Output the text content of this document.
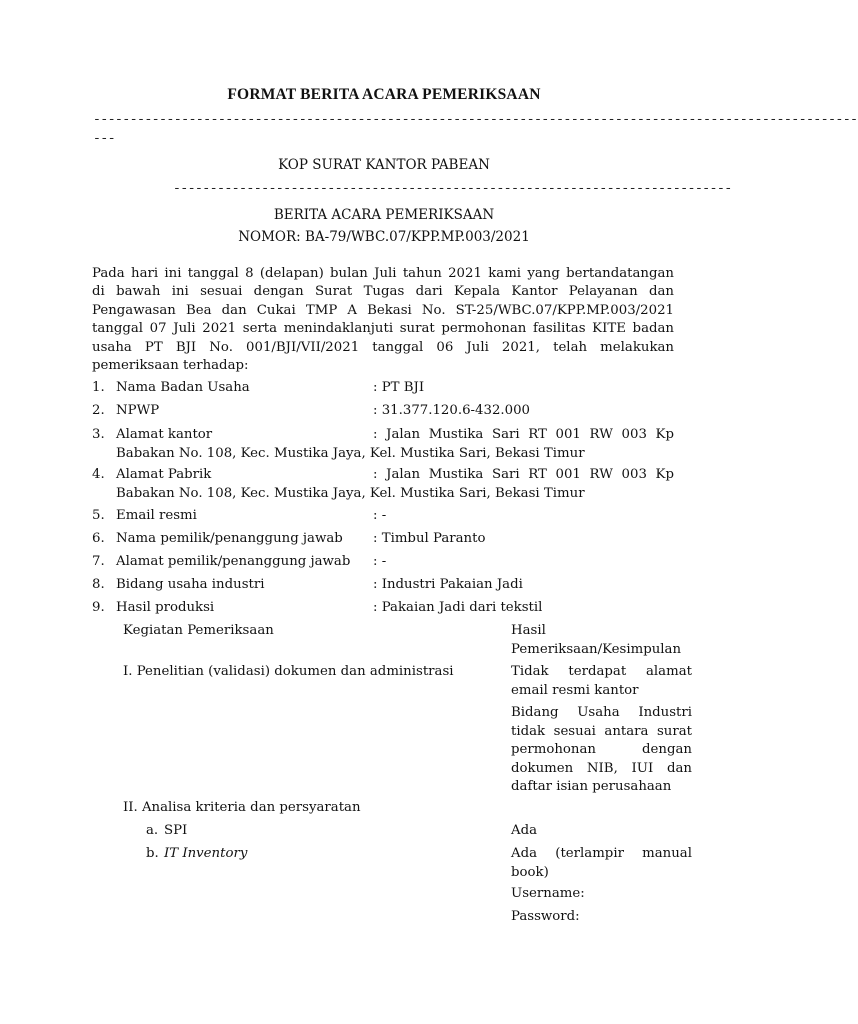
FORMAT BERITA ACARA PEMERIKSAAN
--------------------------------------------------------------------------------------------------------
---
KOP SURAT KANTOR PABEAN
----------------------------------------------------------------------------
BERITA ACARA PEMERIKSAAN
NOMOR: BA-79/WBC.07/KPP.MP.003/2021
Pada hari ini tanggal 8 (delapan) bulan Juli tahun 2021 kami yang bertandatangan
di bawah ini sesuai dengan Surat Tugas dari Kepala Kantor Pelayanan dan
Pengawasan Bea dan Cukai TMP A Bekasi No. ST-25/WBC.07/KPP.MP.003/2021
tanggal 07 Juli 2021 serta menindaklanjuti surat permohonan fasilitas KITE badan
usaha PT BJI No. 001/BJI/VII/2021 tanggal 06 Juli 2021, telah melakukan
pemeriksaan terhadap:
1. Nama Badan Usaha	: PT BJI
2. NPWP	: 31.377.120.6-432.000
3. Alamat kantor	: Jalan Mustika Sari RT 001 RW 003 Kp
Babakan No. 108, Kec. Mustika Jaya, Kel. Mustika Sari, Bekasi Timur
4. Alamat Pabrik	: Jalan Mustika Sari RT 001 RW 003 Kp
Babakan No. 108, Kec. Mustika Jaya, Kel. Mustika Sari, Bekasi Timur
5. Email resmi	: -
6. Nama pemilik/penanggung jawab : Timbul Paranto
7. Alamat pemilik/penanggung jawab : -
8. Bidang usaha industri	: Industri Pakaian Jadi
9. Hasil produksi	: Pakaian Jadi dari tekstil
Kegiatan Pemeriksaan	Hasil
Pemeriksaan/Kesimpulan
I. Penelitian (validasi) dokumen dan administrasi	Tidak terdapat alamat
email resmi kantor
Bidang Usaha Industri
tidak sesuai antara surat
permohonan dengan
dokumen NIB, IUI dan
daftar isian perusahaan
II. Analisa kriteria dan persyaratan
a. SPI	Ada
b. IT Inventory	Ada (terlampir manual
book)
Username:
Password:
